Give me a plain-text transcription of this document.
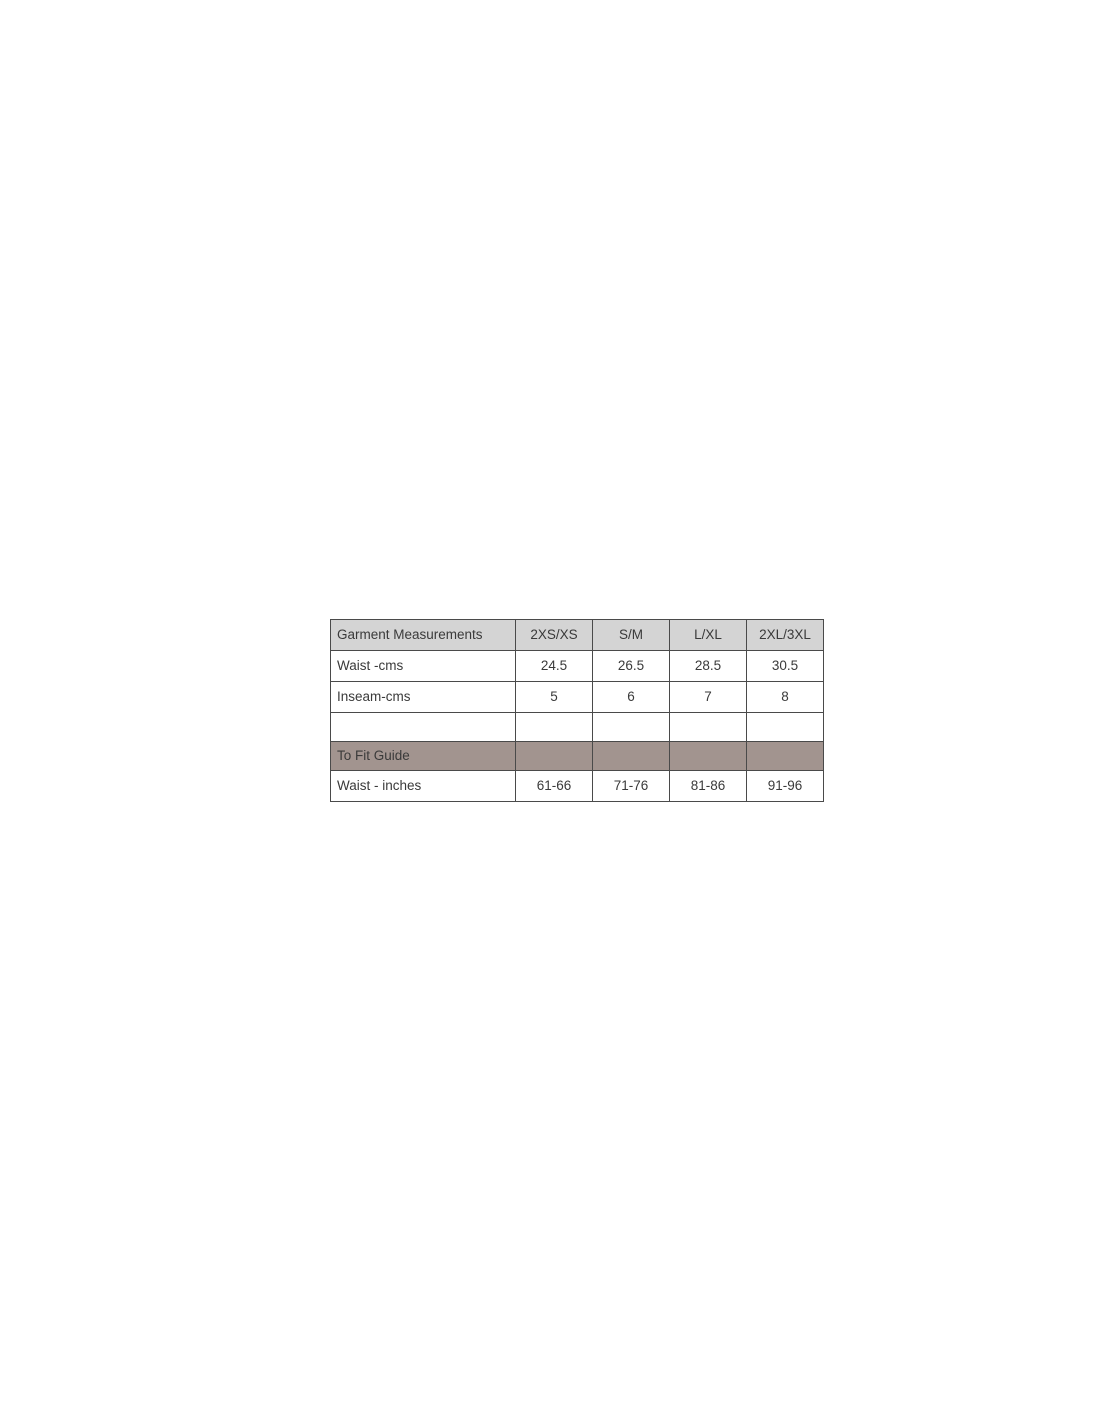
Garment Measurements	2XS/XS	S/M	L/XL	2XL/3XL
Waist -cms	24.5	26.5	28.5	30.5
Inseam-cms	5	6	7	8

To Fit Guide				
Waist - inches	61-66	71-76	81-86	91-96
